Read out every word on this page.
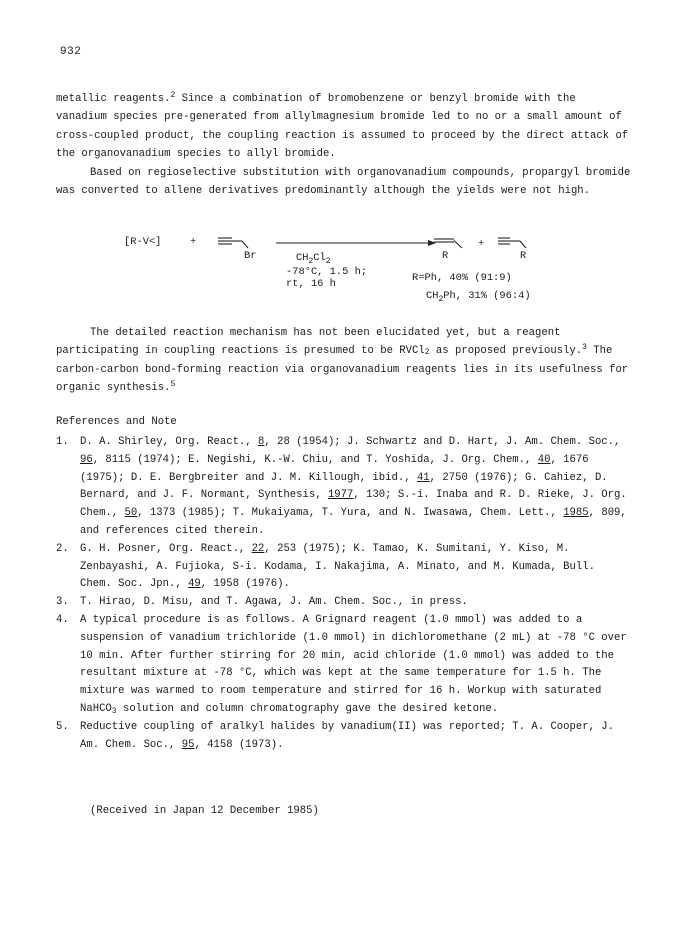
932

metallic reagents.$^2$ Since a combination of bromobenzene or benzyl bromide with the vanadium species pre-generated from allylmagnesium bromide led to no or a small amount of cross-coupled product, the coupling reaction is assumed to proceed by the direct attack of the organovanadium species to allyl bromide.

Based on regioselective substitution with organovanadium compounds, propargyl bromide was converted to allene derivatives predominantly although the yields were not high.

[R-V<]	+
Br	$CH_2Cl_2$
-78°C, 1.5 h;
rt, 16 h
R
+
R
R=Ph, 40% (91:9)
$CH_2Ph$, 31% (96:4)

The detailed reaction mechanism has not been elucidated yet, but a reagent participating in coupling reactions is presumed to be RVCl$_2$ as proposed previously.$^3$ The carbon-carbon bond-forming reaction via organovanadium reagents lies in its usefulness for organic synthesis.$^5$

References and Note

1. D. A. Shirley, Org. React., 8, 28 (1954); J. Schwartz and D. Hart, J. Am. Chem. Soc., 96, 8115 (1974); E. Negishi, K.-W. Chiu, and T. Yoshida, J. Org. Chem., 40, 1676 (1975); D. E. Bergbreiter and J. M. Killough, ibid., 41, 2750 (1976); G. Cahiez, D. Bernard, and J. F. Normant, Synthesis, 1977, 130; S.-i. Inaba and R. D. Rieke, J. Org. Chem., 50, 1373 (1985); T. Mukaiyama, T. Yura, and N. Iwasawa, Chem. Lett., 1985, 809, and references cited therein.

2. G. H. Posner, Org. React., 22, 253 (1975); K. Tamao, K. Sumitani, Y. Kiso, M. Zenbayashi, A. Fujioka, S-i. Kodama, I. Nakajima, A. Minato, and M. Kumada, Bull. Chem. Soc. Jpn., 49, 1958 (1976).

3. T. Hirao, D. Misu, and T. Agawa, J. Am. Chem. Soc., in press.

4. A typical procedure is as follows. A Grignard reagent (1.0 mmol) was added to a suspension of vanadium trichloride (1.0 mmol) in dichloromethane (2 mL) at -78 °C over 10 min. After further stirring for 20 min, acid chloride (1.0 mmol) was added to the resultant mixture at -78 °C, which was kept at the same temperature for 1.5 h. The mixture was warmed to room temperature and stirred for 16 h. Workup with saturated NaHCO$_3$ solution and column chromatography gave the desired ketone.

5. Reductive coupling of aralkyl halides by vanadium(II) was reported; T. A. Cooper, J. Am. Chem. Soc., 95, 4158 (1973).

(Received in Japan 12 December 1985)
